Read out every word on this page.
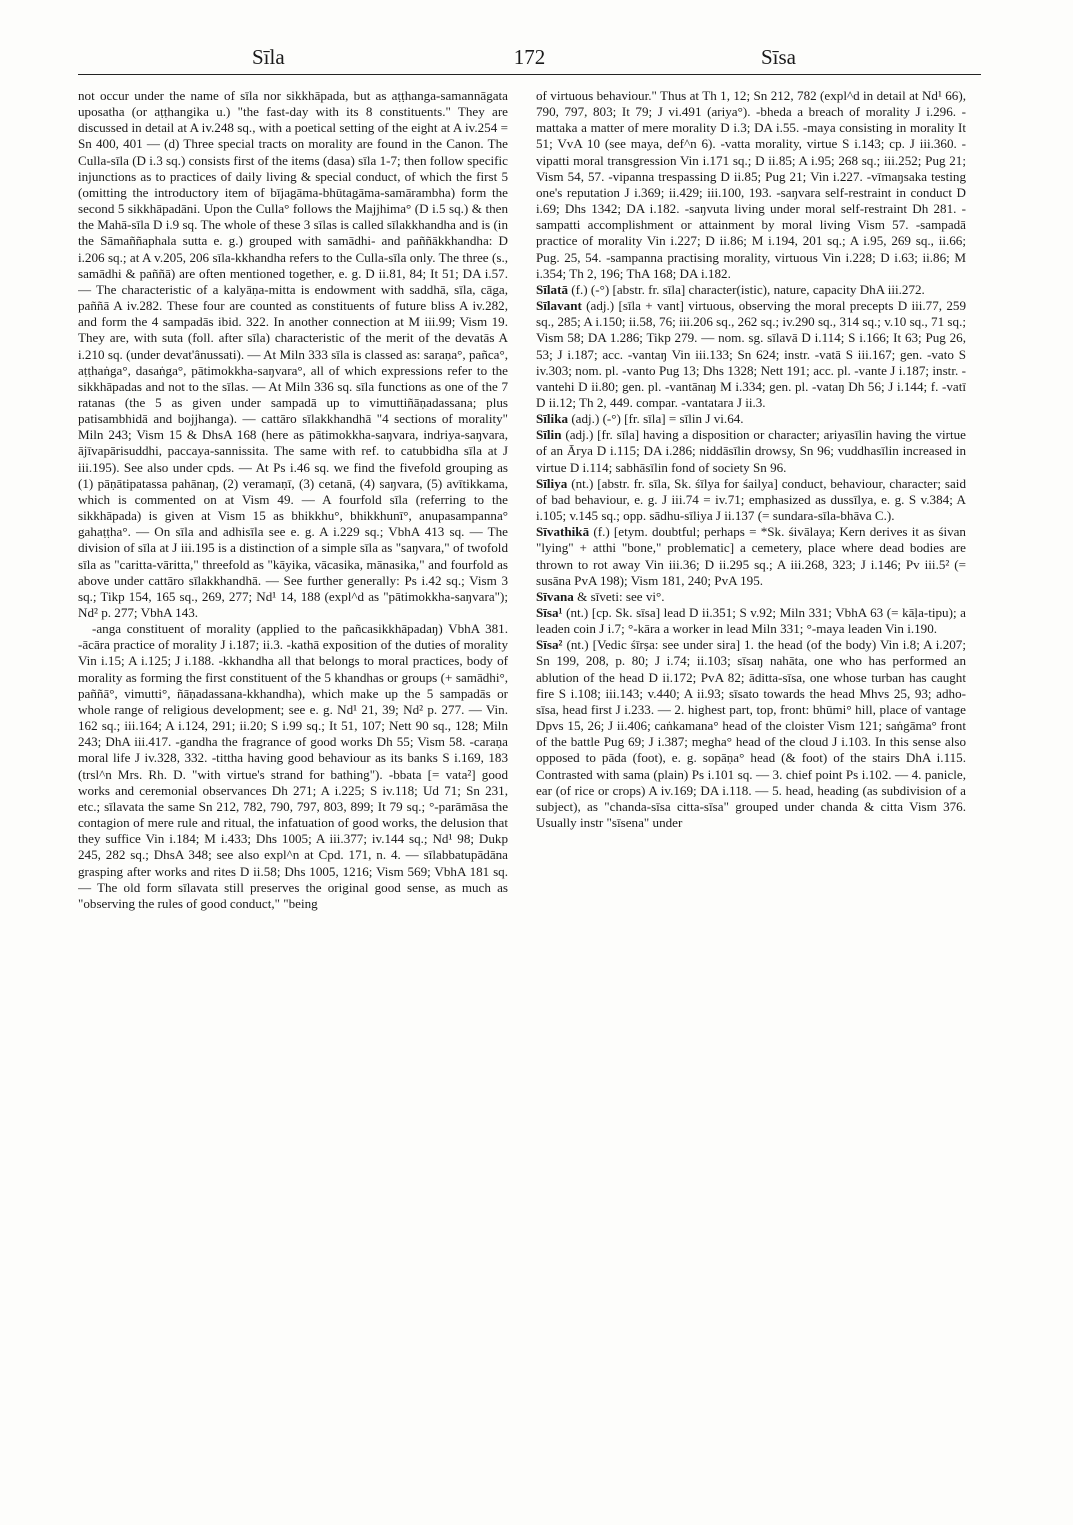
172
Sīla	Sīsa

not occur under the name of sīla nor sikkhāpada, but as aṭṭhanga-samannāgata uposatha (or aṭṭhangika u.) "the fast-day with its 8 constituents." They are discussed in detail at A iv.248 sq., with a poetical setting of the eight at A iv.254 = Sn 400, 401 — (d) Three special tracts on morality are found in the Canon. The Culla-sīla (D i.3 sq.) consists first of the items (dasa) sīla 1-7; then follow specific injunctions as to practices of daily living & special conduct, of which the first 5 (omitting the introductory item of bījagāma-bhūtagāma-samārambha) form the second 5 sikkhāpadāni. Upon the Culla° follows the Majjhima° (D i.5 sq.) & then the Mahā-sīla D i.9 sq. The whole of these 3 sīlas is called sīlakkhandha and is (in the Sāmaññaphala sutta e. g.) grouped with samādhi- and paññākkhandha: D i.206 sq.; at A v.205, 206 sīla-kkhandha refers to the Culla-sīla only. The three (s., samādhi & paññā) are often mentioned together, e. g. D ii.81, 84; It 51; DA i.57. — The characteristic of a kalyāṇa-mitta is endowment with saddhā, sīla, cāga, paññā A iv.282. These four are counted as constituents of future bliss A iv.282, and form the 4 sampadās ibid. 322. In another connection at M iii.99; Vism 19. They are, with suta (foll. after sīla) characteristic of the merit of the devatās A i.210 sq. (under devat'ânussati). — At Miln 333 sīla is classed as: saraṇa°, pañca°, aṭṭhaṅga°, dasaṅga°, pātimokkha-saŋvara°, all of which expressions refer to the sikkhāpadas and not to the sīlas. — At Miln 336 sq. sīla functions as one of the 7 ratanas (the 5 as given under sampadā up to vimuttiñāṇadassana; plus patisambhidā and bojjhanga). — cattāro sīlakkhandhā "4 sections of morality" Miln 243; Vism 15 & DhsA 168 (here as pātimokkha-saŋvara, indriya-saŋvara, ājīvapārisuddhi, paccaya-sannissita. The same with ref. to catubbidha sīla at J iii.195). See also under cpds. — At Ps i.46 sq. we find the fivefold grouping as (1) pāṇātipatassa pahānaŋ, (2) veramaṇī, (3) cetanā, (4) saŋvara, (5) avītikkama, which is commented on at Vism 49. — A fourfold sīla (referring to the sikkhāpada) is given at Vism 15 as bhikkhu°, bhikkhunī°, anupasampanna° gahaṭṭha°. — On sīla and adhisīla see e. g. A i.229 sq.; VbhA 413 sq. — The division of sīla at J iii.195 is a distinction of a simple sīla as "saŋvara," of twofold sīla as "caritta-vāritta," threefold as "kāyika, vācasika, mānasika," and fourfold as above under cattāro sīlakkhandhā. — See further generally: Ps i.42 sq.; Vism 3 sq.; Tikp 154, 165 sq., 269, 277; Nd¹ 14, 188 (expl^d as "pātimokkha-saŋvara"); Nd² p. 277; VbhA 143.

-anga constituent of morality (applied to the pañcasikkhāpadaŋ) VbhA 381. -ācāra practice of morality J i.187; ii.3. -kathā exposition of the duties of morality Vin i.15; A i.125; J i.188. -kkhandha all that belongs to moral practices, body of morality as forming the first constituent of the 5 khandhas or groups (+ samādhi°, paññā°, vimutti°, ñāṇadassana-kkhandha), which make up the 5 sampadās or whole range of religious development; see e. g. Nd¹ 21, 39; Nd² p. 277. — Vin. 162 sq.; iii.164; A i.124, 291; ii.20; S i.99 sq.; It 51, 107; Nett 90 sq., 128; Miln 243; DhA iii.417. -gandha the fragrance of good works Dh 55; Vism 58. -caraṇa moral life J iv.328, 332. -tittha having good behaviour as its banks S i.169, 183 (trsl^n Mrs. Rh. D. "with virtue's strand for bathing"). -bbata [= vata²] good works and ceremonial observances Dh 271; A i.225; S iv.118; Ud 71; Sn 231, etc.; sīlavata the same Sn 212, 782, 790, 797, 803, 899; It 79 sq.; °-parāmāsa the contagion of mere rule and ritual, the infatuation of good works, the delusion that they suffice Vin i.184; M i.433; Dhs 1005; A iii.377; iv.144 sq.; Nd¹ 98; Dukp 245, 282 sq.; DhsA 348; see also expl^n at Cpd. 171, n. 4. — sīlabbatupādāna grasping after works and rites D ii.58; Dhs 1005, 1216; Vism 569; VbhA 181 sq. — The old form sīlavata still preserves the original good sense, as much as "observing the rules of good conduct," "being

of virtuous behaviour." Thus at Th 1, 12; Sn 212, 782 (expl^d in detail at Nd¹ 66), 790, 797, 803; It 79; J vi.491 (ariya°). -bheda a breach of morality J i.296. -mattaka a matter of mere morality D i.3; DA i.55. -maya consisting in morality It 51; VvA 10 (see maya, def^n 6). -vatta morality, virtue S i.143; cp. J iii.360. -vipatti moral transgression Vin i.171 sq.; D ii.85; A i.95; 268 sq.; iii.252; Pug 21; Vism 54, 57. -vipanna trespassing D ii.85; Pug 21; Vin i.227. -vīmaŋsaka testing one's reputation J i.369; ii.429; iii.100, 193. -saŋvara self-restraint in conduct D i.69; Dhs 1342; DA i.182. -saŋvuta living under moral self-restraint Dh 281. -sampatti accomplishment or attainment by moral living Vism 57. -sampadā practice of morality Vin i.227; D ii.86; M i.194, 201 sq.; A i.95, 269 sq., ii.66; Pug. 25, 54. -sampanna practising morality, virtuous Vin i.228; D i.63; ii.86; M i.354; Th 2, 196; ThA 168; DA i.182.

Sīlatā (f.) (-°) [abstr. fr. sīla] character(istic), nature, capacity DhA iii.272.

Sīlavant (adj.) [sīla + vant] virtuous, observing the moral precepts D iii.77, 259 sq., 285; A i.150; ii.58, 76; iii.206 sq., 262 sq.; iv.290 sq., 314 sq.; v.10 sq., 71 sq.; Vism 58; DA 1.286; Tikp 279. — nom. sg. sīlavā D i.114; S i.166; It 63; Pug 26, 53; J i.187; acc. -vantaŋ Vin iii.133; Sn 624; instr. -vatā S iii.167; gen. -vato S iv.303; nom. pl. -vanto Pug 13; Dhs 1328; Nett 191; acc. pl. -vante J i.187; instr. -vantehi D ii.80; gen. pl. -vantānaŋ M i.334; gen. pl. -vataŋ Dh 56; J i.144; f. -vatī D ii.12; Th 2, 449. compar. -vantatara J ii.3.

Sīlika (adj.) (-°) [fr. sīla] = sīlin J vi.64.

Sīlin (adj.) [fr. sīla] having a disposition or character; ariyasīlin having the virtue of an Ārya D i.115; DA i.286; niddāsīlin drowsy, Sn 96; vuddhasīlin increased in virtue D i.114; sabhāsīlin fond of society Sn 96.

Sīliya (nt.) [abstr. fr. sīla, Sk. śīlya for śailya] conduct, behaviour, character; said of bad behaviour, e. g. J iii.74 = iv.71; emphasized as dussīlya, e. g. S v.384; A i.105; v.145 sq.; opp. sādhu-sīliya J ii.137 (= sundara-sīla-bhāva C.).

Sīvathikā (f.) [etym. doubtful; perhaps = *Sk. śivālaya; Kern derives it as śivan "lying" + atthi "bone," problematic] a cemetery, place where dead bodies are thrown to rot away Vin iii.36; D ii.295 sq.; A iii.268, 323; J i.146; Pv iii.5² (= susāna PvA 198); Vism 181, 240; PvA 195.

Sīvana & sīveti: see vi°.

Sīsa¹ (nt.) [cp. Sk. sīsa] lead D ii.351; S v.92; Miln 331; VbhA 63 (= kāḷa-tipu); a leaden coin J i.7; °-kāra a worker in lead Miln 331; °-maya leaden Vin i.190.

Sīsa² (nt.) [Vedic śīrṣa: see under sira] 1. the head (of the body) Vin i.8; A i.207; Sn 199, 208, p. 80; J i.74; ii.103; sīsaŋ nahāta, one who has performed an ablution of the head D ii.172; PvA 82; āditta-sīsa, one whose turban has caught fire S i.108; iii.143; v.440; A ii.93; sīsato towards the head Mhvs 25, 93; adho-sīsa, head first J i.233. — 2. highest part, top, front: bhūmi° hill, place of vantage Dpvs 15, 26; J ii.406; caṅkamana° head of the cloister Vism 121; saṅgāma° front of the battle Pug 69; J i.387; megha° head of the cloud J i.103. In this sense also opposed to pāda (foot), e. g. sopāṇa° head (& foot) of the stairs DhA i.115. Contrasted with sama (plain) Ps i.101 sq. — 3. chief point Ps i.102. — 4. panicle, ear (of rice or crops) A iv.169; DA i.118. — 5. head, heading (as subdivision of a subject), as "chanda-sīsa citta-sīsa" grouped under chanda & citta Vism 376. Usually instr "sīsena" under
